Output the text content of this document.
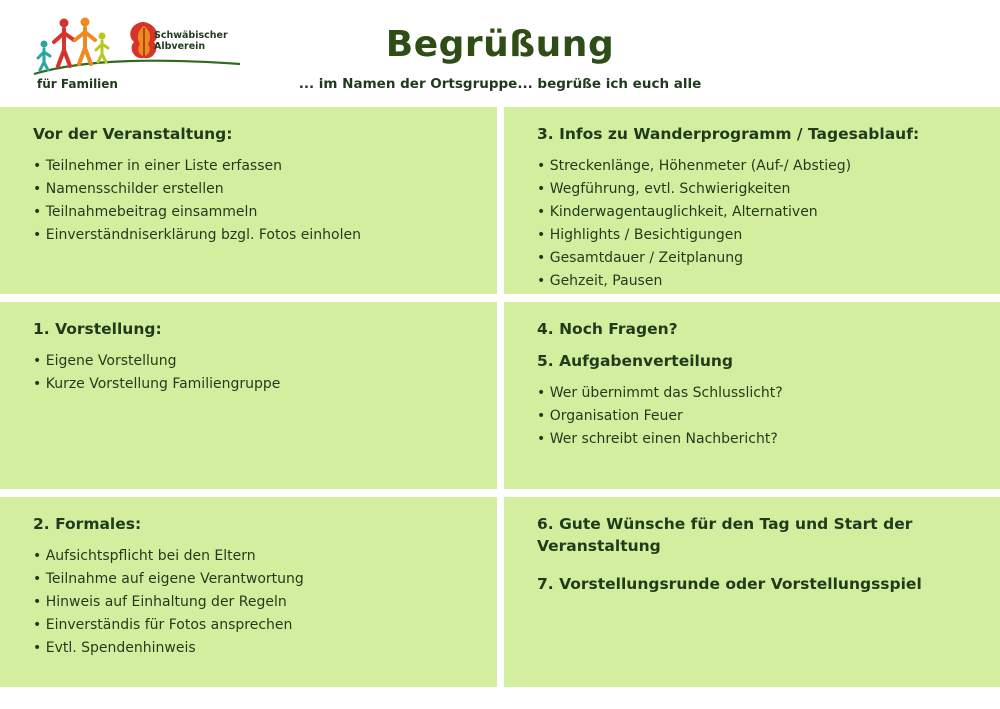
für Familien
Schwäbischer
Albverein	Begrüßung
... im Namen der Ortsgruppe... begrüße ich euch alle
Vor der Veranstaltung:
• Teilnehmer in einer Liste erfassen
• Namensschilder erstellen
• Teilnahmebeitrag einsammeln
• Einverständniserklärung bzgl. Fotos einholen
3. Infos zu Wanderprogramm / Tagesablauf:
• Streckenlänge, Höhenmeter (Auf-/ Abstieg)
• Wegführung, evtl. Schwierigkeiten
• Kinderwagentauglichkeit, Alternativen
• Highlights / Besichtigungen
• Gesamtdauer / Zeitplanung
• Gehzeit, Pausen
1. Vorstellung:
• Eigene Vorstellung
• Kurze Vorstellung Familiengruppe
4. Noch Fragen?
5. Aufgabenverteilung
• Wer übernimmt das Schlusslicht?
• Organisation Feuer
• Wer schreibt einen Nachbericht?
2. Formales:
• Aufsichtspflicht bei den Eltern
• Teilnahme auf eigene Verantwortung
• Hinweis auf Einhaltung der Regeln
• Einverständis für Fotos ansprechen
• Evtl. Spendenhinweis
6. Gute Wünsche für den Tag und Start der Veranstaltung
7. Vorstellungsrunde oder Vorstellungsspiel
